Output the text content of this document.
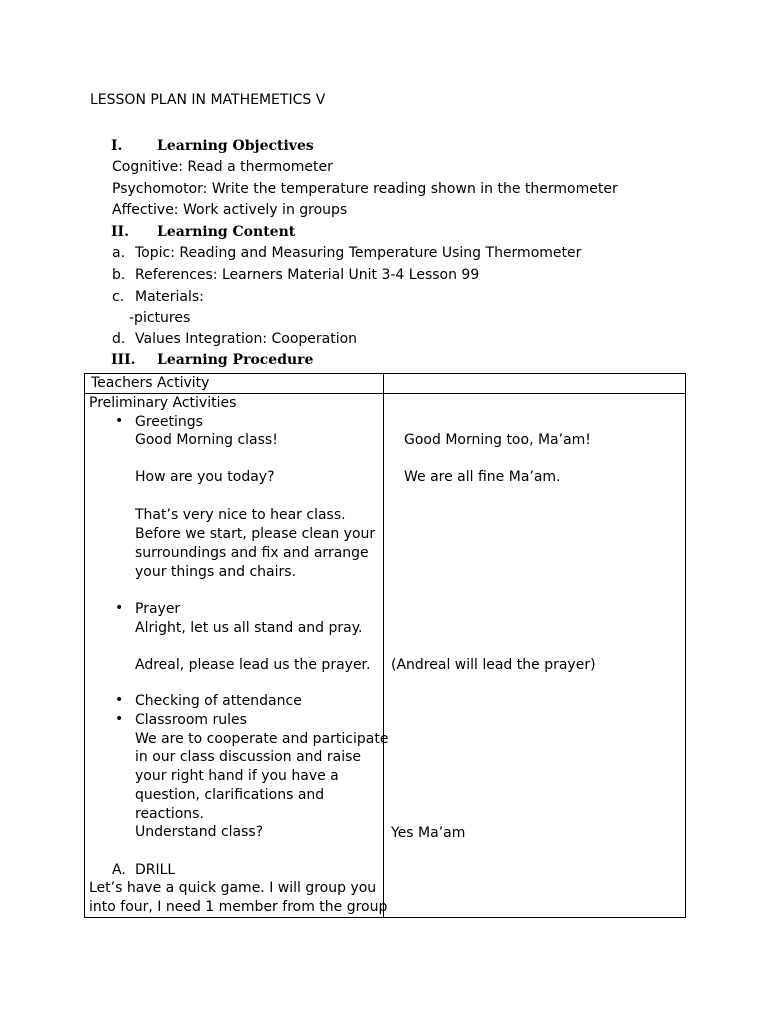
LESSON PLAN IN MATHEMETICS V
I. Learning Objectives
Cognitive: Read a thermometer
Psychomotor: Write the temperature reading shown in the thermometer
Affective: Work actively in groups
II. Learning Content
a. Topic: Reading and Measuring Temperature Using Thermometer
b. References: Learners Material Unit 3-4 Lesson 99
c. Materials:
-pictures
d. Values Integration: Cooperation
III. Learning Procedure
Teachers Activity
Preliminary Activities
• Greetings
Good Morning class!
How are you today?
That’s very nice to hear class.
Before we start, please clean your
surroundings and fix and arrange
your things and chairs.
• Prayer
Alright, let us all stand and pray.
Adreal, please lead us the prayer.
• Checking of attendance
• Classroom rules
We are to cooperate and participate
in our class discussion and raise
your right hand if you have a
question, clarifications and
reactions.
Understand class?
A. DRILL
Let’s have a quick game. I will group you
into four, I need 1 member from the group
Good Morning too, Ma’am!
We are all fine Ma’am.
(Andreal will lead the prayer)
Yes Ma’am
